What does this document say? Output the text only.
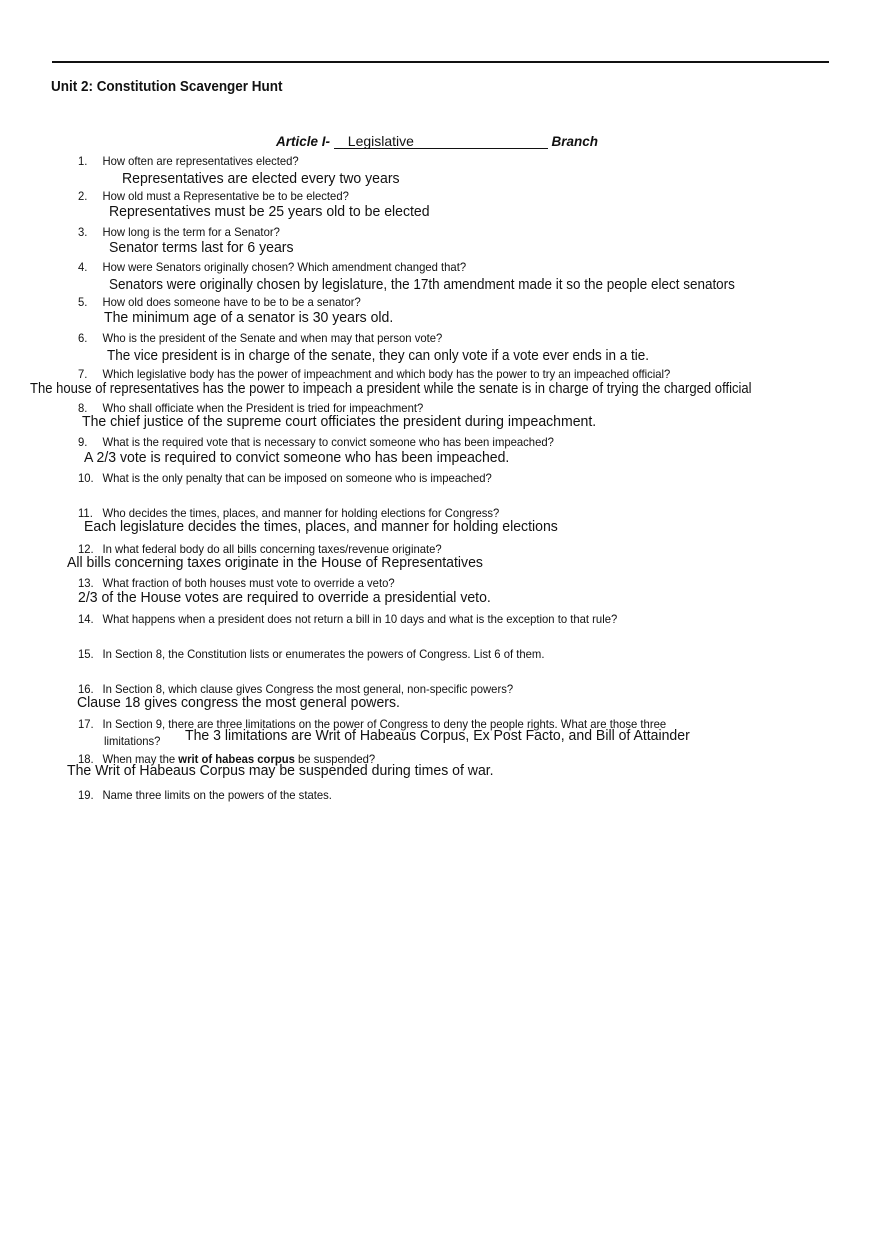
Unit 2: Constitution Scavenger Hunt
Article I- Legislative	Branch
1. How often are representatives elected?
Representatives are elected every two years
2. How old must a Representative be to be elected?
Representatives must be 25 years old to be elected
3. How long is the term for a Senator?
Senator terms last for 6 years
4. How were Senators originally chosen? Which amendment changed that?
Senators were originally chosen by legislature, the 17th amendment made it so the people elect senators
5. How old does someone have to be to be a senator?
The minimum age of a senator is 30 years old.
6. Who is the president of the Senate and when may that person vote?
The vice president is in charge of the senate, they can only vote if a vote ever ends in a tie.
7. Which legislative body has the power of impeachment and which body has the power to try an impeached official?
The house of representatives has the power to impeach a president while the senate is in charge of trying the charged official
8. Who shall officiate when the President is tried for impeachment?
The chief justice of the supreme court officiates the president during impeachment.
9. What is the required vote that is necessary to convict someone who has been impeached?
A 2/3 vote is required to convict someone who has been impeached.
10. What is the only penalty that can be imposed on someone who is impeached?
11. Who decides the times, places, and manner for holding elections for Congress?
Each legislature decides the times, places, and manner for holding elections
12. In what federal body do all bills concerning taxes/revenue originate?
All bills concerning taxes originate in the House of Representatives
13. What fraction of both houses must vote to override a veto?
2/3 of the House votes are required to override a presidential veto.
14. What happens when a president does not return a bill in 10 days and what is the exception to that rule?
15. In Section 8, the Constitution lists or enumerates the powers of Congress. List 6 of them.
16. In Section 8, which clause gives Congress the most general, non-specific powers?
Clause 18 gives congress the most general powers.
17. In Section 9, there are three limitations on the power of Congress to deny the people rights. What are those three
limitations? The 3 limitations are Writ of Habeaus Corpus, Ex Post Facto, and Bill of Attainder
18. When may the writ of habeas corpus be suspended?
The Writ of Habeaus Corpus may be suspended during times of war.
19. Name three limits on the powers of the states.
